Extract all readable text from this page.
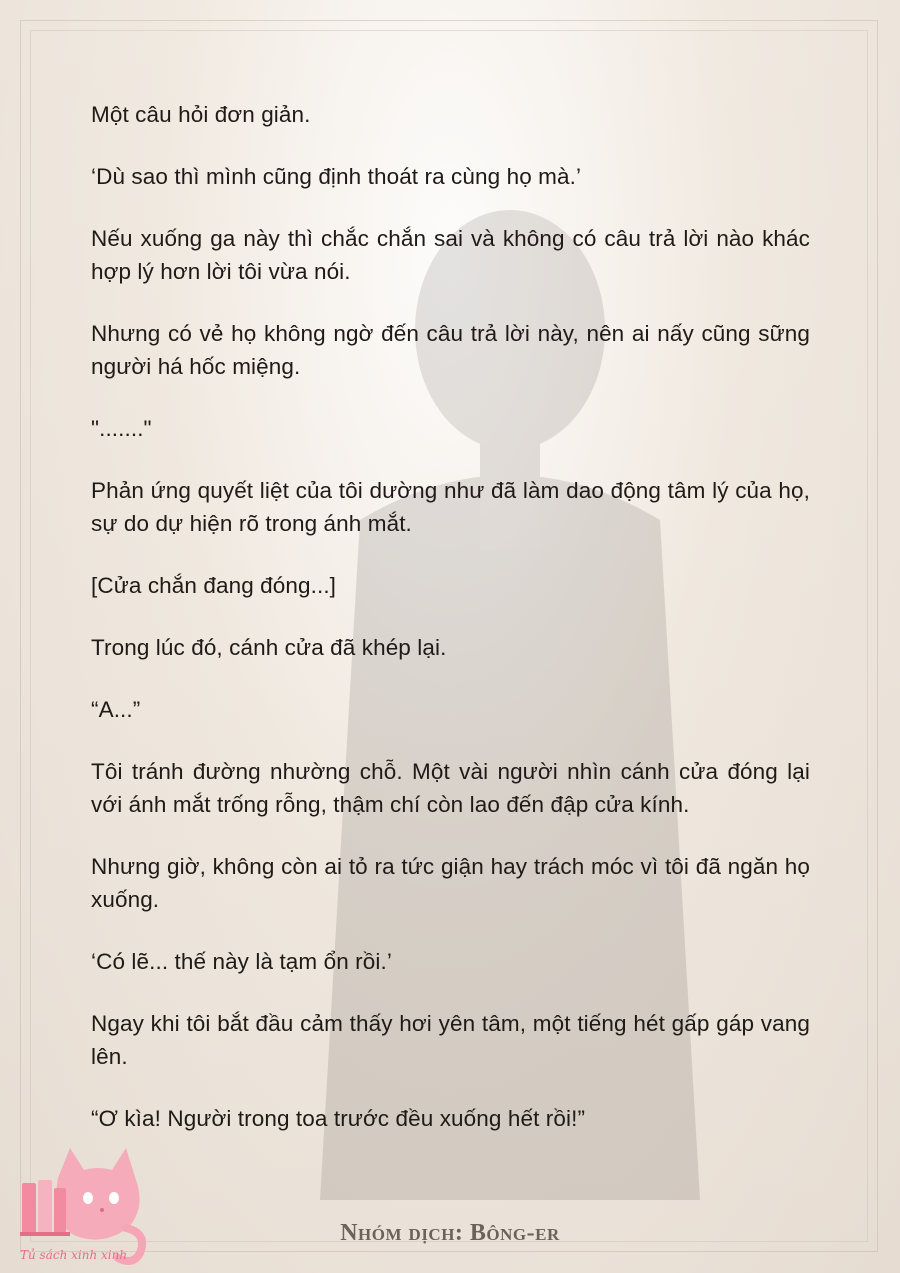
Một câu hỏi đơn giản.

‘Dù sao thì mình cũng định thoát ra cùng họ mà.’

Nếu xuống ga này thì chắc chắn sai và không có câu trả lời nào khác hợp lý hơn lời tôi vừa nói.

Nhưng có vẻ họ không ngờ đến câu trả lời này, nên ai nấy cũng sững người há hốc miệng.

"......."

Phản ứng quyết liệt của tôi dường như đã làm dao động tâm lý của họ, sự do dự hiện rõ trong ánh mắt.

[Cửa chắn đang đóng...]

Trong lúc đó, cánh cửa đã khép lại.

“A...”

Tôi tránh đường nhường chỗ. Một vài người nhìn cánh cửa đóng lại với ánh mắt trống rỗng, thậm chí còn lao đến đập cửa kính.

Nhưng giờ, không còn ai tỏ ra tức giận hay trách móc vì tôi đã ngăn họ xuống.

‘Có lẽ... thế này là tạm ổn rồi.’

Ngay khi tôi bắt đầu cảm thấy hơi yên tâm, một tiếng hét gấp gáp vang lên.

“Ơ kìa! Người trong toa trước đều xuống hết rồi!”

Tủ sách xinh xinh
Nhóm dịch: Bông-er
